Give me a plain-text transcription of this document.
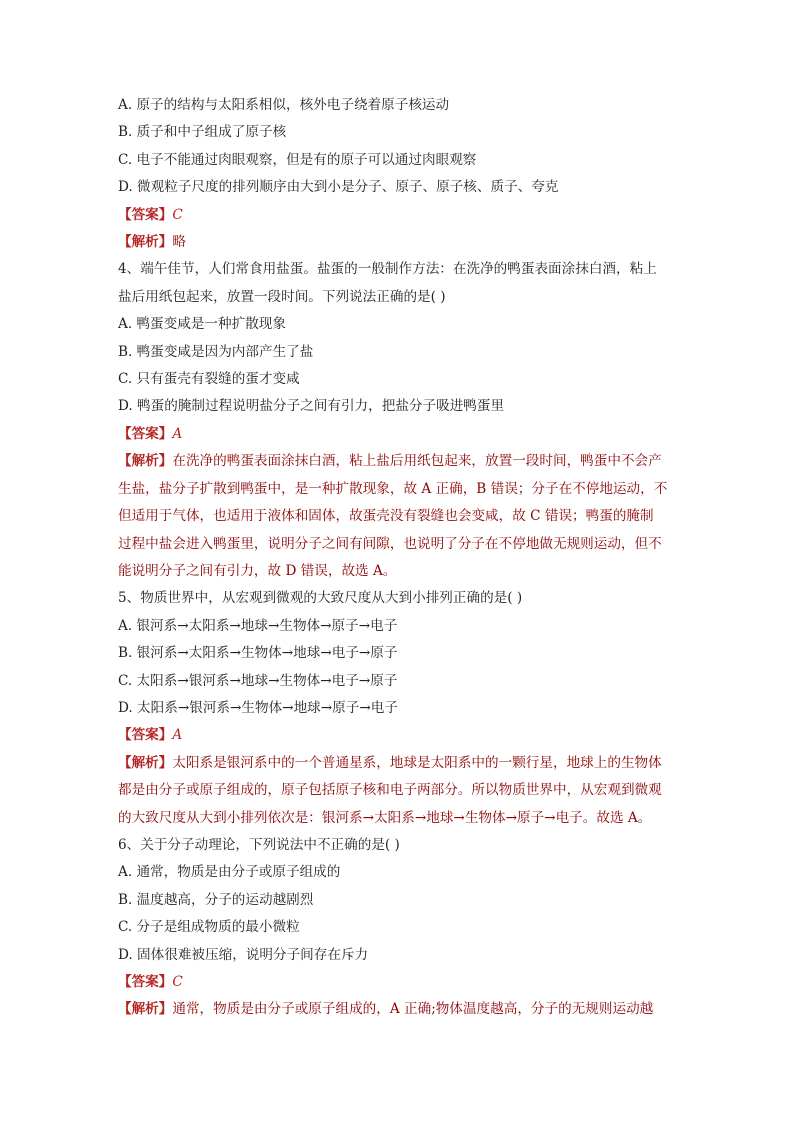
A. 原子的结构与太阳系相似，核外电子绕着原子核运动
B. 质子和中子组成了原子核
C. 电子不能通过肉眼观察，但是有的原子可以通过肉眼观察
D. 微观粒子尺度的排列顺序由大到小是分子、原子、原子核、质子、夸克
【答案】C
【解析】略
4、端午佳节，人们常食用盐蛋。盐蛋的一般制作方法：在洗净的鸭蛋表面涂抹白酒，粘上
盐后用纸包起来，放置一段时间。下列说法正确的是( )
A. 鸭蛋变咸是一种扩散现象
B. 鸭蛋变咸是因为内部产生了盐
C. 只有蛋壳有裂缝的蛋才变咸
D. 鸭蛋的腌制过程说明盐分子之间有引力，把盐分子吸进鸭蛋里
【答案】A
【解析】在洗净的鸭蛋表面涂抹白酒，粘上盐后用纸包起来，放置一段时间，鸭蛋中不会产
生盐，盐分子扩散到鸭蛋中，是一种扩散现象，故 A 正确，B 错误；分子在不停地运动，不
但适用于气体，也适用于液体和固体，故蛋壳没有裂缝也会变咸，故 C 错误；鸭蛋的腌制
过程中盐会进入鸭蛋里，说明分子之间有间隙，也说明了分子在不停地做无规则运动，但不
能说明分子之间有引力，故 D 错误，故选 A。
5、物质世界中，从宏观到微观的大致尺度从大到小排列正确的是( )
A. 银河系→太阳系→地球→生物体→原子→电子
B. 银河系→太阳系→生物体→地球→电子→原子
C. 太阳系→银河系→地球→生物体→电子→原子
D. 太阳系→银河系→生物体→地球→原子→电子
【答案】A
【解析】太阳系是银河系中的一个普通星系，地球是太阳系中的一颗行星，地球上的生物体
都是由分子或原子组成的，原子包括原子核和电子两部分。所以物质世界中，从宏观到微观
的大致尺度从大到小排列依次是：银河系→太阳系→地球→生物体→原子→电子。故选 A。
6、关于分子动理论，下列说法中不正确的是( )
A. 通常，物质是由分子或原子组成的
B. 温度越高，分子的运动越剧烈
C. 分子是组成物质的最小微粒
D. 固体很难被压缩，说明分子间存在斥力
【答案】C
【解析】通常，物质是由分子或原子组成的，A 正确;物体温度越高，分子的无规则运动越
